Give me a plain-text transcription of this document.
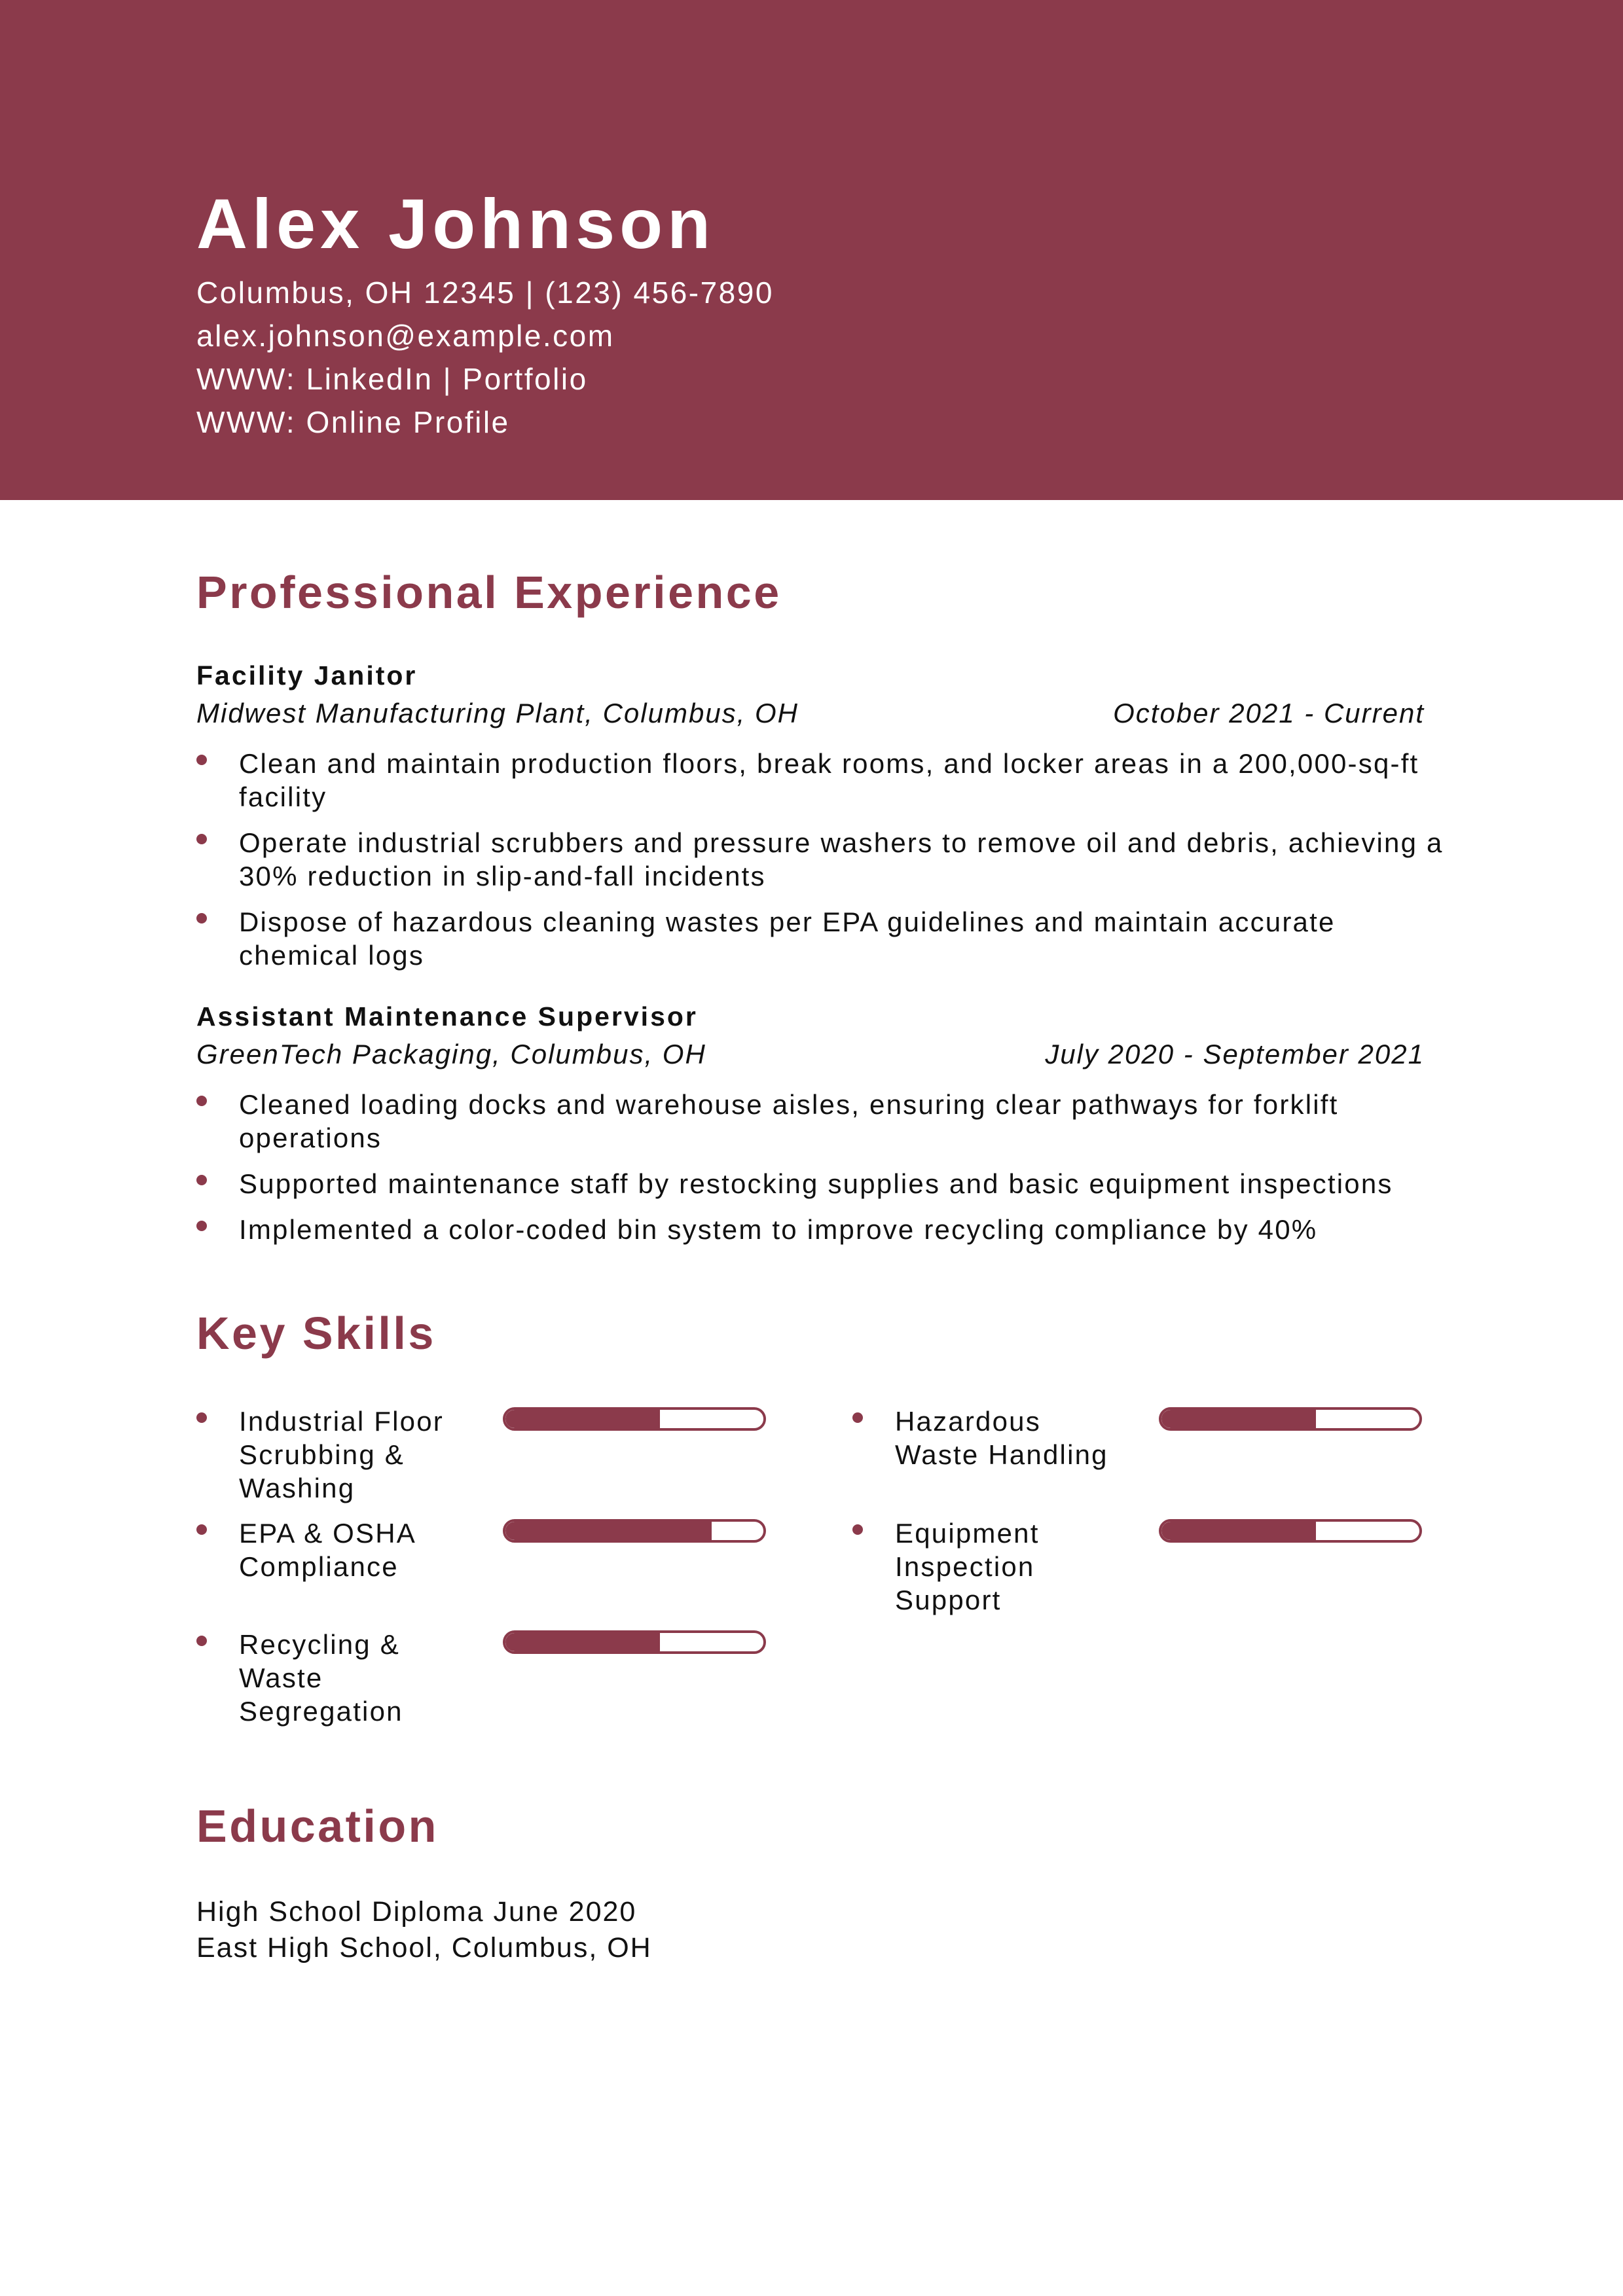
Alex Johnson
Columbus, OH 12345 | (123) 456-7890
alex.johnson@example.com
WWW: LinkedIn | Portfolio
WWW: Online Profile
Professional Experience
Facility Janitor
Midwest Manufacturing Plant, Columbus, OH	October 2021 - Current
Clean and maintain production floors, break rooms, and locker areas in a 200,000-sq-ft facility
Operate industrial scrubbers and pressure washers to remove oil and debris, achieving a 30% reduction in slip-and-fall incidents
Dispose of hazardous cleaning wastes per EPA guidelines and maintain accurate chemical logs
Assistant Maintenance Supervisor
GreenTech Packaging, Columbus, OH	July 2020 - September 2021
Cleaned loading docks and warehouse aisles, ensuring clear pathways for forklift operations
Supported maintenance staff by restocking supplies and basic equipment inspections
Implemented a color-coded bin system to improve recycling compliance by 40%
Key Skills
Industrial Floor Scrubbing & Washing
Hazardous Waste Handling
EPA & OSHA Compliance
Equipment Inspection Support
Recycling & Waste Segregation
Education
High School Diploma June 2020
East High School, Columbus, OH
